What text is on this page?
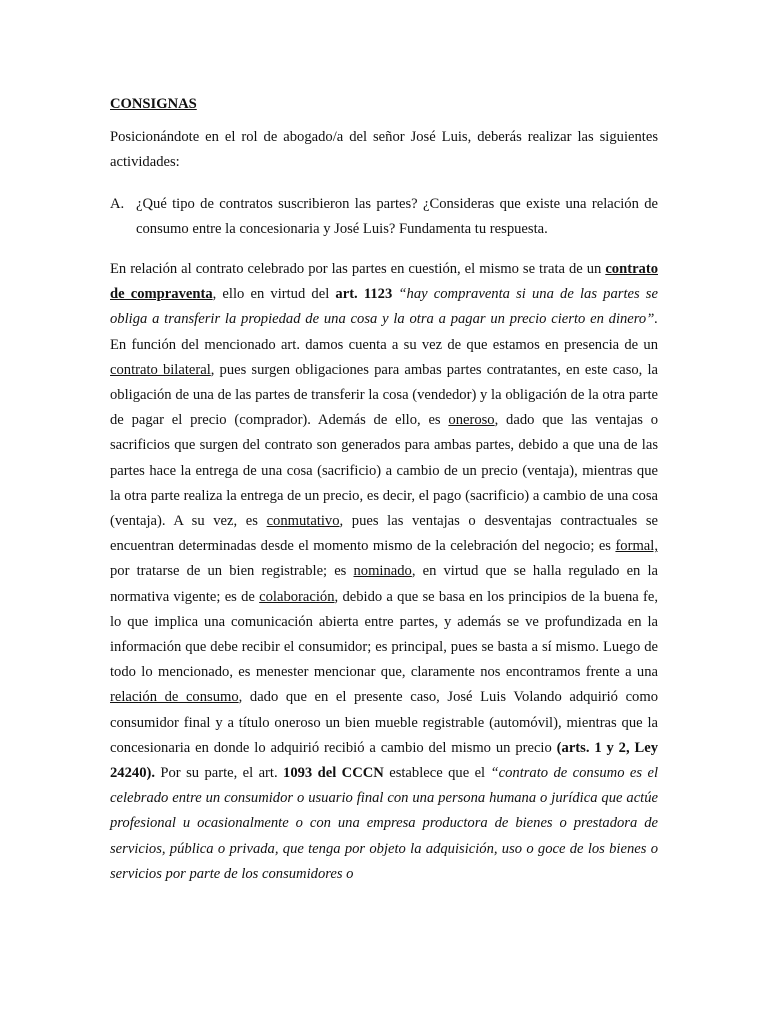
CONSIGNAS

Posicionándote en el rol de abogado/a del señor José Luis, deberás realizar las siguientes actividades:

A. ¿Qué tipo de contratos suscribieron las partes? ¿Consideras que existe una relación de consumo entre la concesionaria y José Luis? Fundamenta tu respuesta.

En relación al contrato celebrado por las partes en cuestión, el mismo se trata de un contrato de compraventa, ello en virtud del art. 1123 “hay compraventa si una de las partes se obliga a transferir la propiedad de una cosa y la otra a pagar un precio cierto en dinero”. En función del mencionado art. damos cuenta a su vez de que estamos en presencia de un contrato bilateral, pues surgen obligaciones para ambas partes contratantes, en este caso, la obligación de una de las partes de transferir la cosa (vendedor) y la obligación de la otra parte de pagar el precio (comprador). Además de ello, es oneroso, dado que las ventajas o sacrificios que surgen del contrato son generados para ambas partes, debido a que una de las partes hace la entrega de una cosa (sacrificio) a cambio de un precio (ventaja), mientras que la otra parte realiza la entrega de un precio, es decir, el pago (sacrificio) a cambio de una cosa (ventaja). A su vez, es conmutativo, pues las ventajas o desventajas contractuales se encuentran determinadas desde el momento mismo de la celebración del negocio; es formal, por tratarse de un bien registrable; es nominado, en virtud que se halla regulado en la normativa vigente; es de colaboración, debido a que se basa en los principios de la buena fe, lo que implica una comunicación abierta entre partes, y además se ve profundizada en la información que debe recibir el consumidor; es principal, pues se basta a sí mismo. Luego de todo lo mencionado, es menester mencionar que, claramente nos encontramos frente a una relación de consumo, dado que en el presente caso, José Luis Volando adquirió como consumidor final y a título oneroso un bien mueble registrable (automóvil), mientras que la concesionaria en donde lo adquirió recibió a cambio del mismo un precio (arts. 1 y 2, Ley 24240). Por su parte, el art. 1093 del CCCN establece que el “contrato de consumo es el celebrado entre un consumidor o usuario final con una persona humana o jurídica que actúe profesional u ocasionalmente o con una empresa productora de bienes o prestadora de servicios, pública o privada, que tenga por objeto la adquisición, uso o goce de los bienes o servicios por parte de los consumidores o
